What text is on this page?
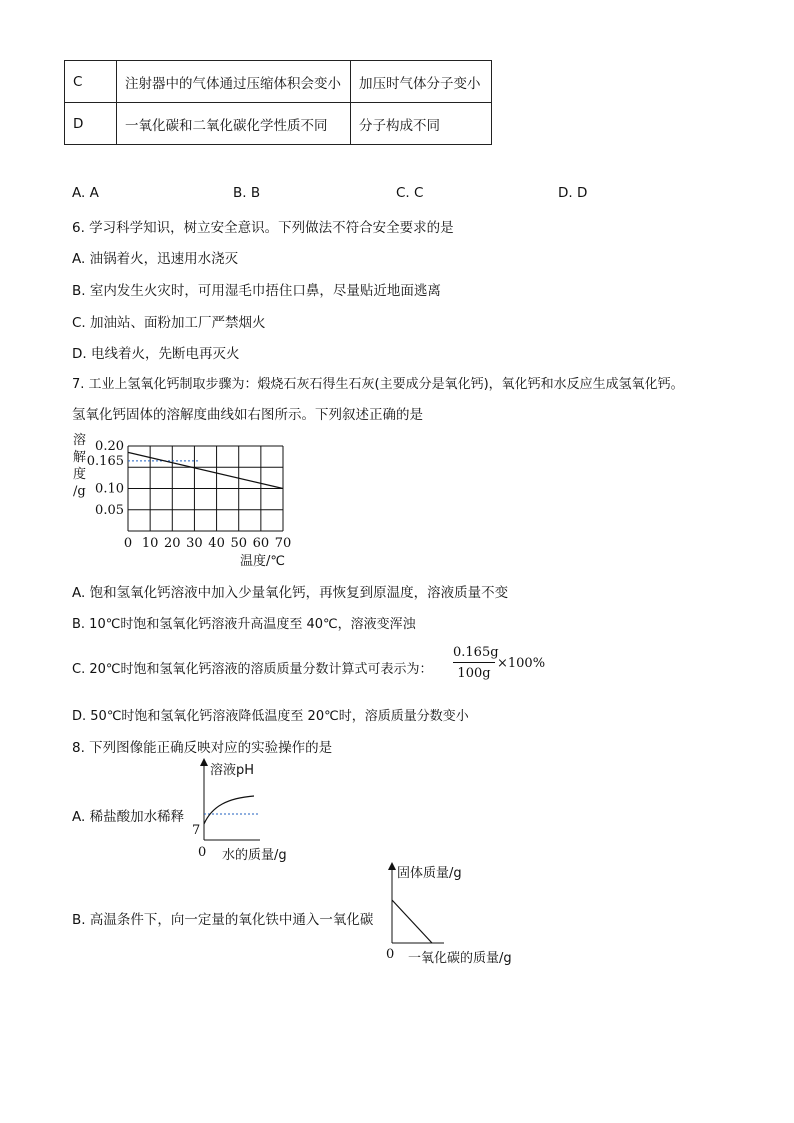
C	注射器中的气体通过压缩体积会变小	加压时气体分子变小
D	一氧化碳和二氧化碳化学性质不同	分子构成不同
A. A	B. B	C. C	D. D
6. 学习科学知识，树立安全意识。下列做法不符合安全要求的是
A. 油锅着火，迅速用水浇灭
B. 室内发生火灾时，可用湿毛巾捂住口鼻，尽量贴近地面逃离
C. 加油站、面粉加工厂严禁烟火
D. 电线着火，先断电再灭火
7. 工业上氢氧化钙制取步骤为：煅烧石灰石得生石灰(主要成分是氧化钙)，氧化钙和水反应生成氢氧化钙。
氢氧化钙固体的溶解度曲线如右图所示。下列叙述正确的是
溶
解
度
/g
0.20
0.165
0.10
0.05
0 10 20 30 40 50 60 70
温度/℃
A. 饱和氢氧化钙溶液中加入少量氧化钙，再恢复到原温度，溶液质量不变
B. 10℃时饱和氢氧化钙溶液升高温度至 40℃，溶液变浑浊
C. 20℃时饱和氢氧化钙溶液的溶质质量分数计算式可表示为： $\frac{0.165g}{100g} \times 100\%$
D. 50℃时饱和氢氧化钙溶液降低温度至 20℃时，溶质质量分数变小
8. 下列图像能正确反映对应的实验操作的是
溶液pH
7
0 水的质量/g
A. 稀盐酸加水稀释
固体质量/g
0 一氧化碳的质量/g
B. 高温条件下，向一定量的氧化铁中通入一氧化碳
